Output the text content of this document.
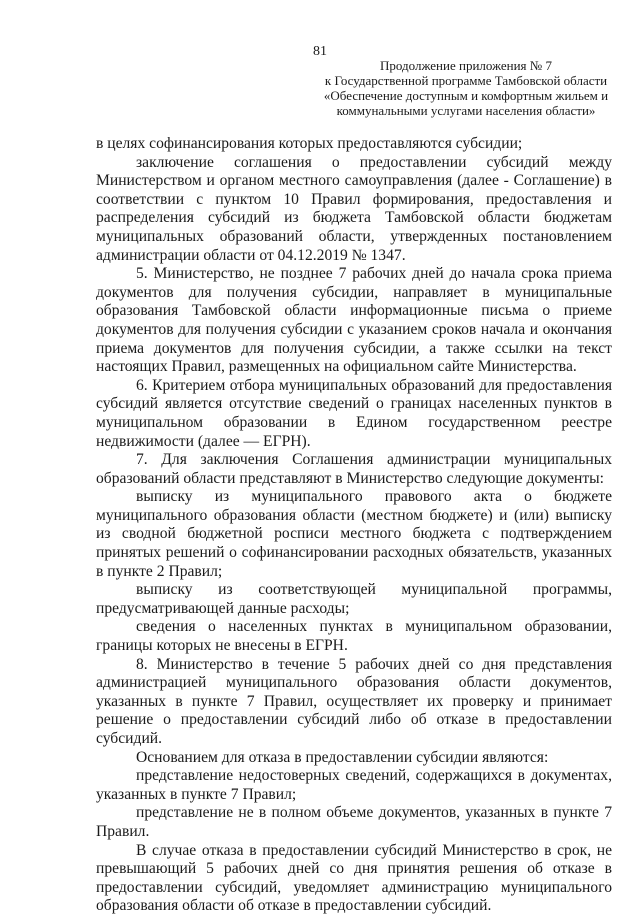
81
Продолжение приложения № 7
к Государственной программе Тамбовской области
«Обеспечение доступным и комфортным жильем и
коммунальными услугами населения области»

в целях софинансирования которых предоставляются субсидии;

заключение соглашения о предоставлении субсидий между Министерством и органом местного самоуправления (далее - Соглашение) в соответствии с пунктом 10 Правил формирования, предоставления и распределения субсидий из бюджета Тамбовской области бюджетам муниципальных образований области, утвержденных постановлением администрации области от 04.12.2019 № 1347.

5. Министерство, не позднее 7 рабочих дней до начала срока приема документов для получения субсидии, направляет в муниципальные образования Тамбовской области информационные письма о приеме документов для получения субсидии с указанием сроков начала и окончания приема документов для получения субсидии, а также ссылки на текст настоящих Правил, размещенных на официальном сайте Министерства.

6. Критерием отбора муниципальных образований для предоставления субсидий является отсутствие сведений о границах населенных пунктов в муниципальном образовании в Едином государственном реестре недвижимости (далее — ЕГРН).

7. Для заключения Соглашения администрации муниципальных образований области представляют в Министерство следующие документы:

выписку из муниципального правового акта о бюджете муниципального образования области (местном бюджете) и (или) выписку из сводной бюджетной росписи местного бюджета с подтверждением принятых решений о софинансировании расходных обязательств, указанных в пункте 2 Правил;

выписку из соответствующей муниципальной программы, предусматривающей данные расходы;

сведения о населенных пунктах в муниципальном образовании, границы которых не внесены в ЕГРН.

8. Министерство в течение 5 рабочих дней со дня представления администрацией муниципального образования области документов, указанных в пункте 7 Правил, осуществляет их проверку и принимает решение о предоставлении субсидий либо об отказе в предоставлении субсидий.

Основанием для отказа в предоставлении субсидии являются:

представление недостоверных сведений, содержащихся в документах, указанных в пункте 7 Правил;

представление не в полном объеме документов, указанных в пункте 7 Правил.

В случае отказа в предоставлении субсидий Министерство в срок, не превышающий 5 рабочих дней со дня принятия решения об отказе в предоставлении субсидий, уведомляет администрацию муниципального образования области об отказе в предоставлении субсидий.
